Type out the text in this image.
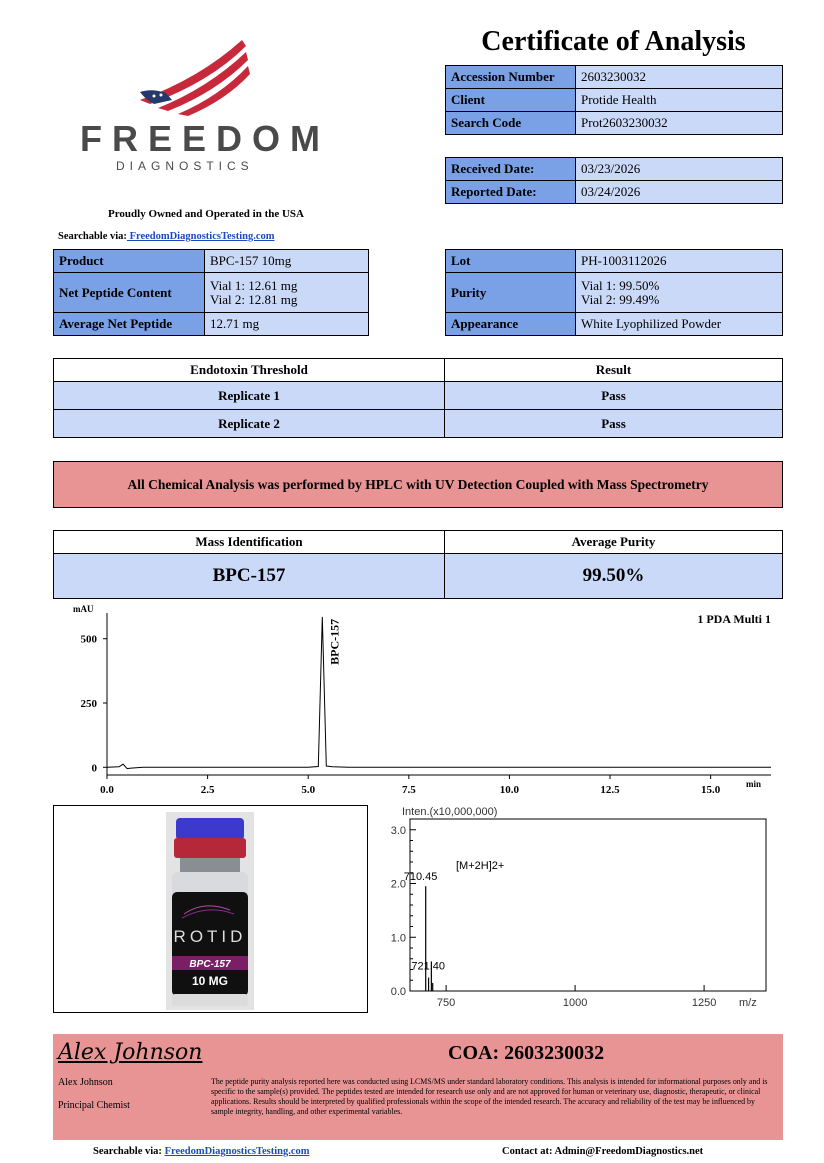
FREEDOM
DIAGNOSTICS
Proudly Owned and Operated in the USA
Searchable via: FreedomDiagnosticsTesting.com
Certificate of Analysis
Accession Number	2603230032
Client	Protide Health
Search Code	Prot2603230032
Received Date:	03/23/2026
Reported Date:	03/24/2026
Product	BPC-157 10mg
Net Peptide Content	Vial 1: 12.61 mg
Vial 2: 12.81 mg

Average Net Peptide	12.71 mg
Lot	PH-1003112026
Purity	Vial 1: 99.50%
Vial 2: 99.49%

Appearance	White Lyophilized Powder
Endotoxin Threshold	Result
Replicate 1	Pass
Replicate 2	Pass
All Chemical Analysis was performed by HPLC with UV Detection Coupled with Mass Spectrometry
Mass Identification	Average Purity
BPC-157	99.50%
mAU
1 PDA Multi 1
min
500
250
0
0.0	2.5	5.0	7.5	10.0	12.5	15.0
BPC-157
ROTID
BPC-157
10 MG
Inten.(x10,000,000)
[M+2H]2+
m/z
3.0
2.0
1.0
0.0
750	1000	1250
710.45
721.40
Alex Johnson
Alex Johnson
Principal Chemist
COA: 2603230032
The peptide purity analysis reported here was conducted using LCMS/MS under standard laboratory conditions. This analysis is intended for informational purposes only and is specific to the sample(s) provided. The peptides tested are intended for research use only and are not approved for human or veterinary use, diagnostic, therapeutic, or clinical applications. Results should be interpreted by qualified professionals within the scope of the intended research. The accuracy and reliability of the test may be influenced by sample integrity, handling, and other experimental variables.
Searchable via: FreedomDiagnosticsTesting.com	Contact at: Admin@FreedomDiagnostics.net
